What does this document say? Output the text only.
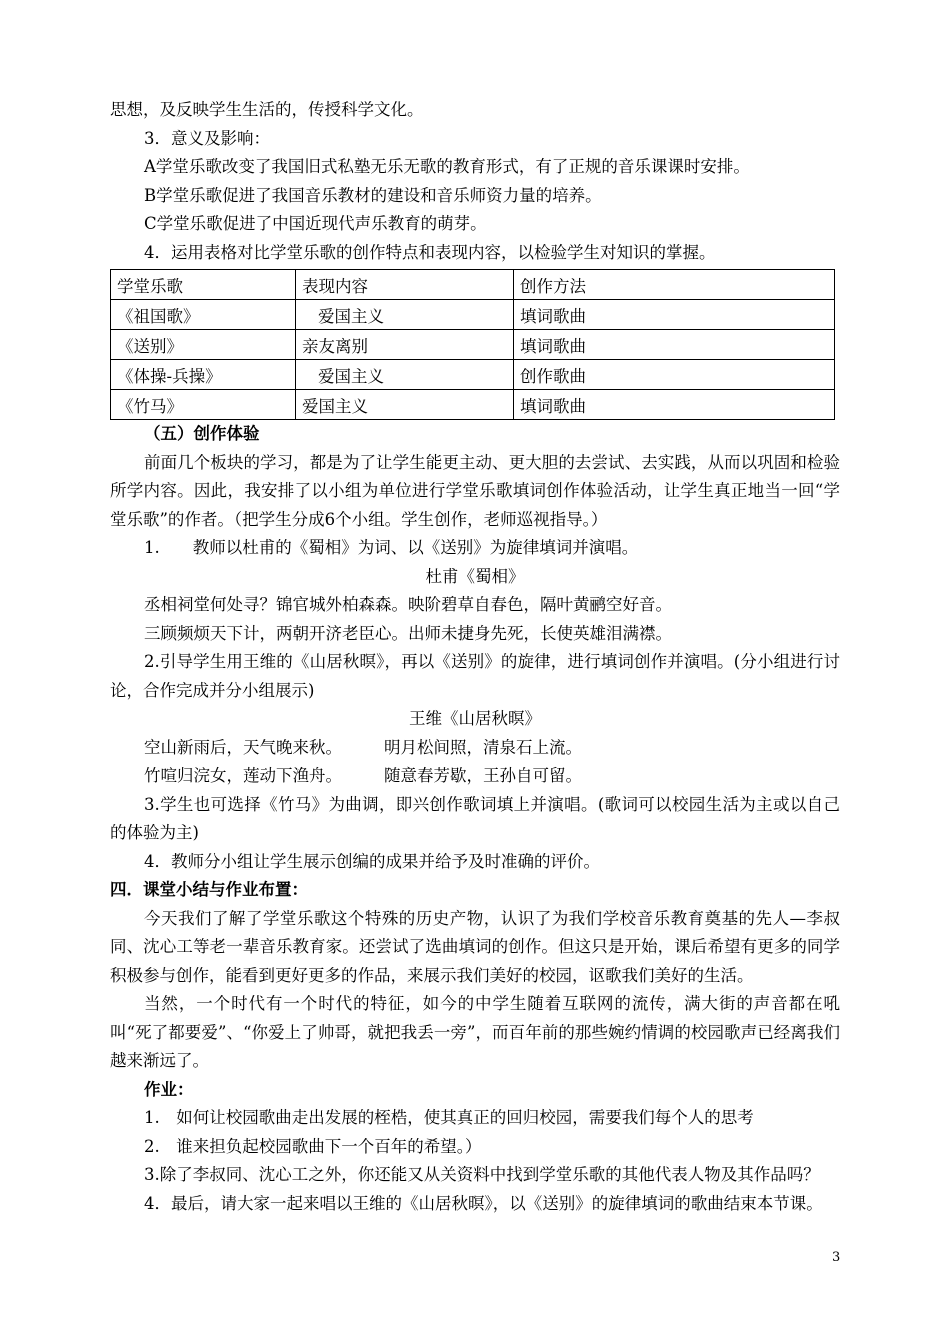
思想，及反映学生生活的，传授科学文化。

3．意义及影响：

A学堂乐歌改变了我国旧式私塾无乐无歌的教育形式，有了正规的音乐课课时安排。

B学堂乐歌促进了我国音乐教材的建设和音乐师资力量的培养。

C学堂乐歌促进了中国近现代声乐教育的萌芽。

4．运用表格对比学堂乐歌的创作特点和表现内容，以检验学生对知识的掌握。

学堂乐歌	表现内容	创作方法
《祖国歌》	爱国主义	填词歌曲
《送别》	亲友离别	填词歌曲
《体操-兵操》	爱国主义	创作歌曲
《竹马》	爱国主义	填词歌曲

（五）创作体验

前面几个板块的学习，都是为了让学生能更主动、更大胆的去尝试、去实践，从而以巩固和检验所学内容。因此，我安排了以小组为单位进行学堂乐歌填词创作体验活动，让学生真正地当一回“学堂乐歌”的作者。（把学生分成6个小组。学生创作，老师巡视指导。）

1.　　教师以杜甫的《蜀相》为词、以《送别》为旋律填词并演唱。

杜甫《蜀相》

丞相祠堂何处寻？锦官城外柏森森。映阶碧草自春色，隔叶黄鹂空好音。

三顾频烦天下计，两朝开济老臣心。出师未捷身先死，长使英雄泪满襟。

2.引导学生用王维的《山居秋暝》，再以《送别》的旋律，进行填词创作并演唱。(分小组进行讨论，合作完成并分小组展示)

王维《山居秋暝》

空山新雨后，天气晚来秋。	明月松间照，清泉石上流。

竹喧归浣女，莲动下渔舟。	随意春芳歇，王孙自可留。

3.学生也可选择《竹马》为曲调，即兴创作歌词填上并演唱。(歌词可以校园生活为主或以自己的体验为主)

4．教师分小组让学生展示创编的成果并给予及时准确的评价。

四．课堂小结与作业布置：

今天我们了解了学堂乐歌这个特殊的历史产物，认识了为我们学校音乐教育奠基的先人—李叔同、沈心工等老一辈音乐教育家。还尝试了选曲填词的创作。但这只是开始，课后希望有更多的同学积极参与创作，能看到更好更多的作品，来展示我们美好的校园，讴歌我们美好的生活。

当然，一个时代有一个时代的特征，如今的中学生随着互联网的流传，满大街的声音都在吼叫“死了都要爱”、“你爱上了帅哥，就把我丢一旁”，而百年前的那些婉约情调的校园歌声已经离我们越来渐远了。

作业：

1.　如何让校园歌曲走出发展的桎梏，使其真正的回归校园，需要我们每个人的思考

2.　谁来担负起校园歌曲下一个百年的希望。）

3.除了李叔同、沈心工之外，你还能又从关资料中找到学堂乐歌的其他代表人物及其作品吗？

4．最后，请大家一起来唱以王维的《山居秋暝》，以《送别》的旋律填词的歌曲结束本节课。

3
